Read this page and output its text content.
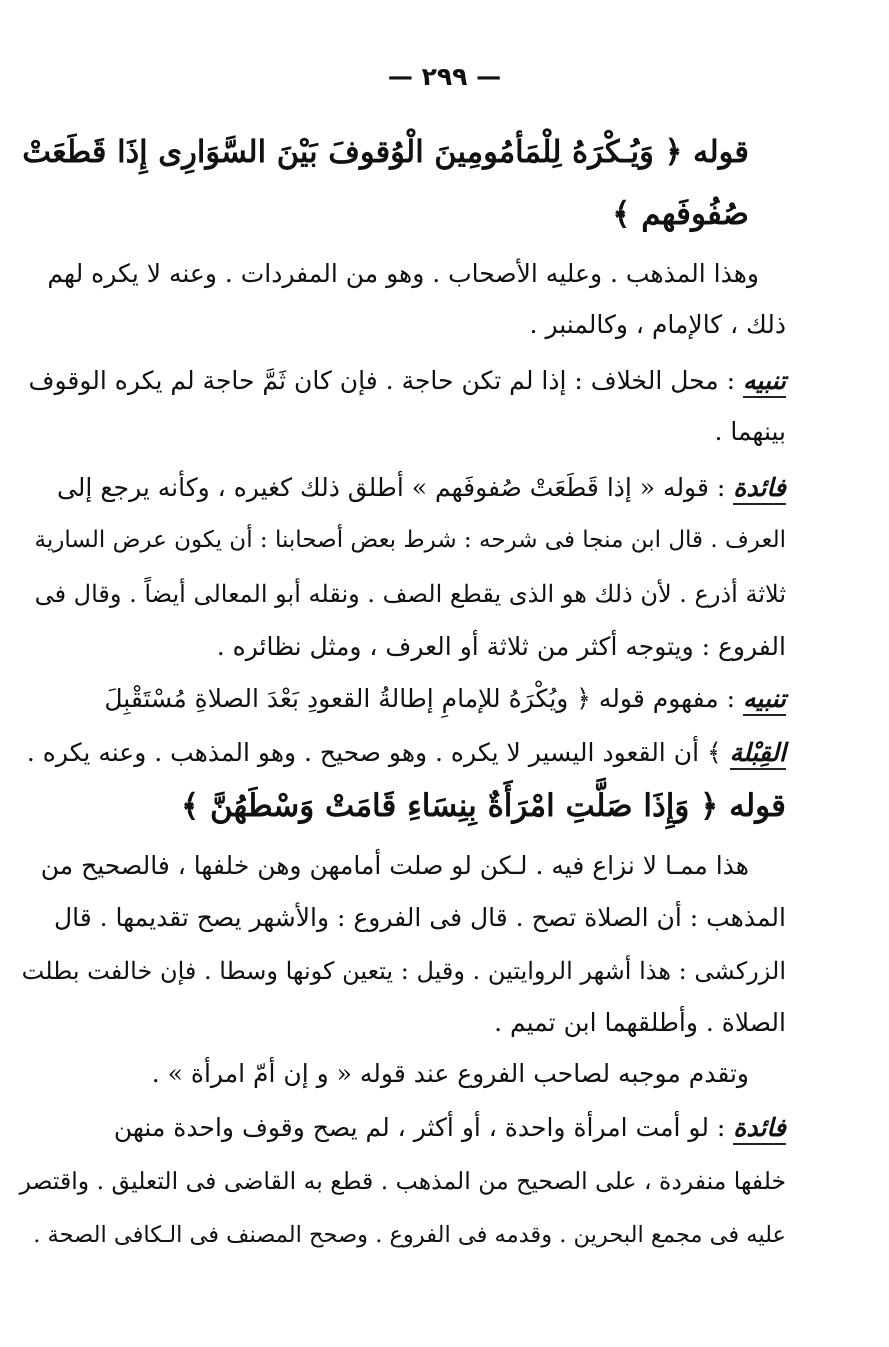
— ٢٩٩ —
قوله ﴿ وَيُـكْرَهُ لِلْمَأمُومِينَ الْوُقوفَ بَيْنَ السَّوَارِى إِذَا قَطَعَتْ
صُفُوفَهم ﴾
وهذا المذهب . وعليه الأصحاب . وهو من المفردات . وعنه لا يكره لهم
ذلك ، كالإمام ، وكالمنبر .
تنبيه : محل الخلاف : إذا لم تكن حاجة . فإن كان ثَمَّ حاجة لم يكره الوقوف
بينهما .
فائدة : قوله « إذا قَطَعَتْ صُفوفَهم » أطلق ذلك كغيره ، وكأنه يرجع إلى
العرف . قال ابن منجا فى شرحه : شرط بعض أصحابنا : أن يكون عرض السارية
ثلاثة أذرع . لأن ذلك هو الذى يقطع الصف . ونقله أبو المعالى أيضاً . وقال فى
الفروع : ويتوجه أكثر من ثلاثة أو العرف ، ومثل نظائره .
تنبيه : مفهوم قوله ﴿ ويُكْرَهُ للإمامِ إطالةُ القعودِ بَعْدَ الصلاةِ مُسْتَقْبِلَ
القِبْلة ﴾ أن القعود اليسير لا يكره . وهو صحيح . وهو المذهب . وعنه يكره .
قوله ﴿ وَإِذَا صَلَّتِ امْرَأَةٌ بِنِسَاءِ قَامَتْ وَسْطَهُنَّ ﴾
هذا ممـا لا نزاع فيه . لـكن لو صلت أمامهن وهن خلفها ، فالصحيح من
المذهب : أن الصلاة تصح . قال فى الفروع : والأشهر يصح تقديمها . قال
الزركشى : هذا أشهر الروايتين . وقيل : يتعين كونها وسطا . فإن خالفت بطلت
الصلاة . وأطلقهما ابن تميم .
وتقدم موجبه لصاحب الفروع عند قوله « و إن أمّ امرأة » .
فائدة : لو أمت امرأة واحدة ، أو أكثر ، لم يصح وقوف واحدة منهن
خلفها منفردة ، على الصحيح من المذهب . قطع به القاضى فى التعليق . واقتصر
عليه فى مجمع البحرين . وقدمه فى الفروع . وصحح المصنف فى الـكافى الصحة .
